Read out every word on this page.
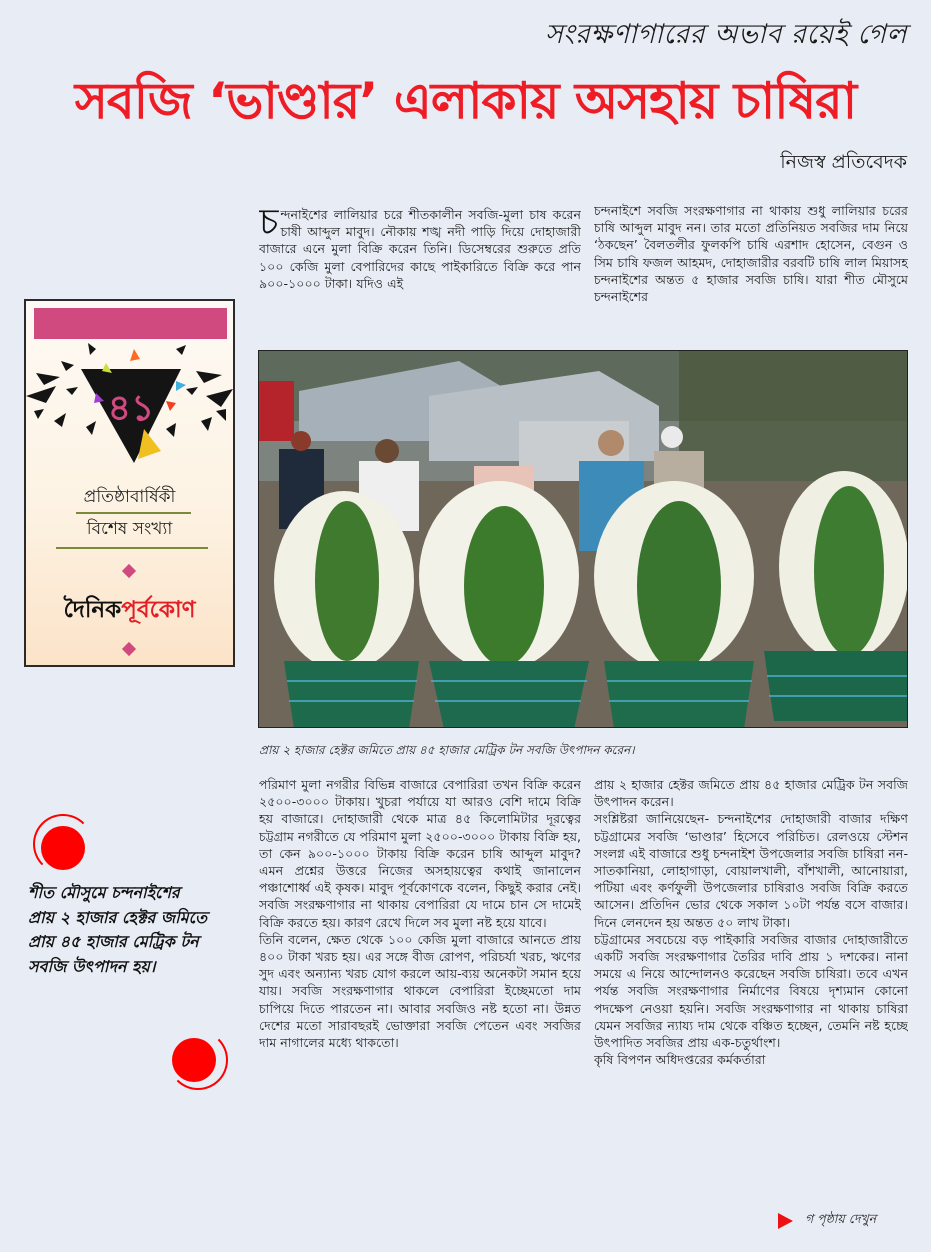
সংরক্ষণাগারের অভাব রয়েই গেল
সবজি ‘ভাণ্ডার’ এলাকায় অসহায় চাষিরা
নিজস্ব প্রতিবেদক
চন্দনাইশের লালিয়ার চরে শীতকালীন সবজি-মুলা চাষ করেন চাষী আব্দুল মাবুদ। নৌকায় শঙ্খ নদী পাড়ি দিয়ে দোহাজারী বাজারে এনে মুলা বিক্রি করেন তিনি। ডিসেম্বরের শুরুতে প্রতি ১০০ কেজি মুলা বেপারিদের কাছে পাইকারিতে বিক্রি করে পান ৯০০-১০০০ টাকা। যদিও এই

চন্দনাইশে সবজি সংরক্ষণাগার না থাকায় শুধু লালিয়ার চরের চাষি আব্দুল মাবুদ নন। তার মতো প্রতিনিয়ত সবজির দাম নিয়ে ‘ঠকছেন’ বৈলতলীর ফুলকপি চাষি এরশাদ হোসেন, বেগুন ও সিম চাষি ফজল আহমদ, দোহাজারীর বরবটি চাষি লাল মিয়াসহ চন্দনাইশের অন্তত ৫ হাজার সবজি চাষি। যারা শীত মৌসুমে চন্দনাইশের

প্রায় ২ হাজার হেক্টর জমিতে প্রায় ৪৫ হাজার মেট্রিক টন সবজি উৎপাদন করেন।
৪১
প্রতিষ্ঠাবার্ষিকী
বিশেষ সংখ্যা
দৈনিকপূর্বকোণ
শীত মৌসুমে চন্দনাইশের প্রায় ২ হাজার হেক্টর জমিতে প্রায় ৪৫ হাজার মেট্রিক টন সবজি উৎপাদন হয়।

পরিমাণ মুলা নগরীর বিভিন্ন বাজারে বেপারিরা তখন বিক্রি করেন ২৫০০-৩০০০ টাকায়। খুচরা পর্যায়ে যা আরও বেশি দামে বিক্রি হয় বাজারে। দোহাজারী থেকে মাত্র ৪৫ কিলোমিটার দূরত্বের চট্টগ্রাম নগরীতে যে পরিমাণ মুলা ২৫০০-৩০০০ টাকায় বিক্রি হয়, তা কেন ৯০০-১০০০ টাকায় বিক্রি করেন চাষি আব্দুল মাবুদ? এমন প্রশ্নের উত্তরে নিজের অসহায়ত্বের কথাই জানালেন পঞ্চাশোর্ধ্ব এই কৃষক। মাবুদ পূর্বকোণকে বলেন, কিছুই করার নেই। সবজি সংরক্ষণাগার না থাকায় বেপারিরা যে দামে চান সে দামেই বিক্রি করতে হয়। কারণ রেখে দিলে সব মুলা নষ্ট হয়ে যাবে।

তিনি বলেন, ক্ষেত থেকে ১০০ কেজি মুলা বাজারে আনতে প্রায় ৪০০ টাকা খরচ হয়। এর সঙ্গে বীজ রোপণ, পরিচর্যা খরচ, ঋণের সুদ এবং অন্যান্য খরচ যোগ করলে আয়-ব্যয় অনেকটা সমান হয়ে যায়। সবজি সংরক্ষণাগার থাকলে বেপারিরা ইচ্ছেমতো দাম চাপিয়ে দিতে পারতেন না। আবার সবজিও নষ্ট হতো না। উন্নত দেশের মতো সারাবছরই ভোক্তারা সবজি পেতেন এবং সবজির দাম নাগালের মধ্যে থাকতো।

প্রায় ২ হাজার হেক্টর জমিতে প্রায় ৪৫ হাজার মেট্রিক টন সবজি উৎপাদন করেন।

সংশ্লিষ্টরা জানিয়েছেন- চন্দনাইশের দোহাজারী বাজার দক্ষিণ চট্টগ্রামের সবজি ‘ভাণ্ডার’ হিসেবে পরিচিত। রেলওয়ে স্টেশন সংলগ্ন এই বাজারে শুধু চন্দনাইশ উপজেলার সবজি চাষিরা নন- সাতকানিয়া, লোহাগাড়া, বোয়ালখালী, বাঁশখালী, আনোয়ারা, পটিয়া এবং কর্ণফুলী উপজেলার চাষিরাও সবজি বিক্রি করতে আসেন। প্রতিদিন ভোর থেকে সকাল ১০টা পর্যন্ত বসে বাজার। দিনে লেনদেন হয় অন্তত ৫০ লাখ টাকা।

চট্টগ্রামের সবচেয়ে বড় পাইকারি সবজির বাজার দোহাজারীতে একটি সবজি সংরক্ষণাগার তৈরির দাবি প্রায় ১ দশকের। নানা সময়ে এ নিয়ে আন্দোলনও করেছেন সবজি চাষিরা। তবে এখন পর্যন্ত সবজি সংরক্ষণাগার নির্মাণের বিষয়ে দৃশ্যমান কোনো পদক্ষেপ নেওয়া হয়নি। সবজি সংরক্ষণাগার না থাকায় চাষিরা যেমন সবজির ন্যায্য দাম থেকে বঞ্চিত হচ্ছেন, তেমনি নষ্ট হচ্ছে উৎপাদিত সবজির প্রায় এক-চতুর্থাংশ।

কৃষি বিপণন অধিদপ্তরের কর্মকর্তারা

গ পৃষ্ঠায় দেখুন
